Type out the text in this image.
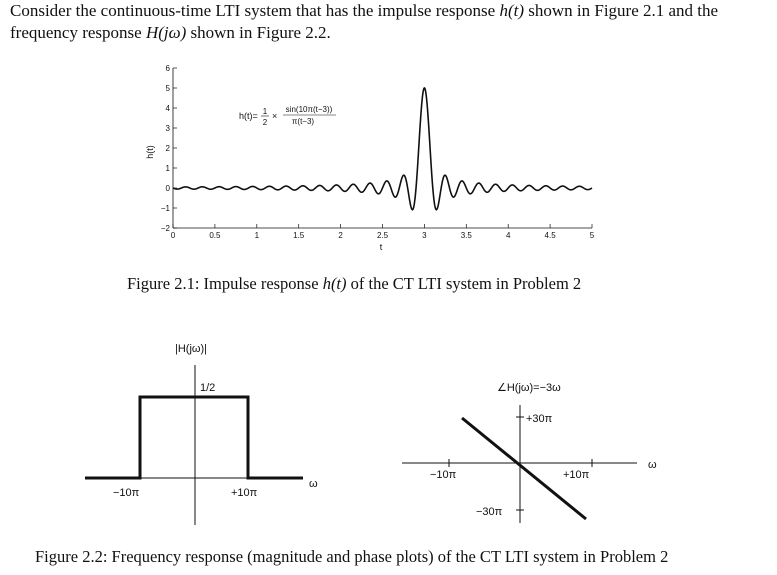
Consider the continuous-time LTI system that has the impulse response h(t) shown in Figure 2.1 and the frequency response H(jω) shown in Figure 2.2.
−2
−1
0
1
2
3
4
5
6
0	0.5	1	1.5	2	2.5	3	3.5	4	4.5	5
h(t)
t
h(t)= 1
2
×
sin(10π(t−3))
π(t−3)
Figure 2.1: Impulse response h(t) of the CT LTI system in Problem 2
|H(jω)|
1/2
−10π	+10π
ω
∠H(jω)=−3ω
+30π
−30π
−10π	+10π
ω
Figure 2.2: Frequency response (magnitude and phase plots) of the CT LTI system in Problem 2
